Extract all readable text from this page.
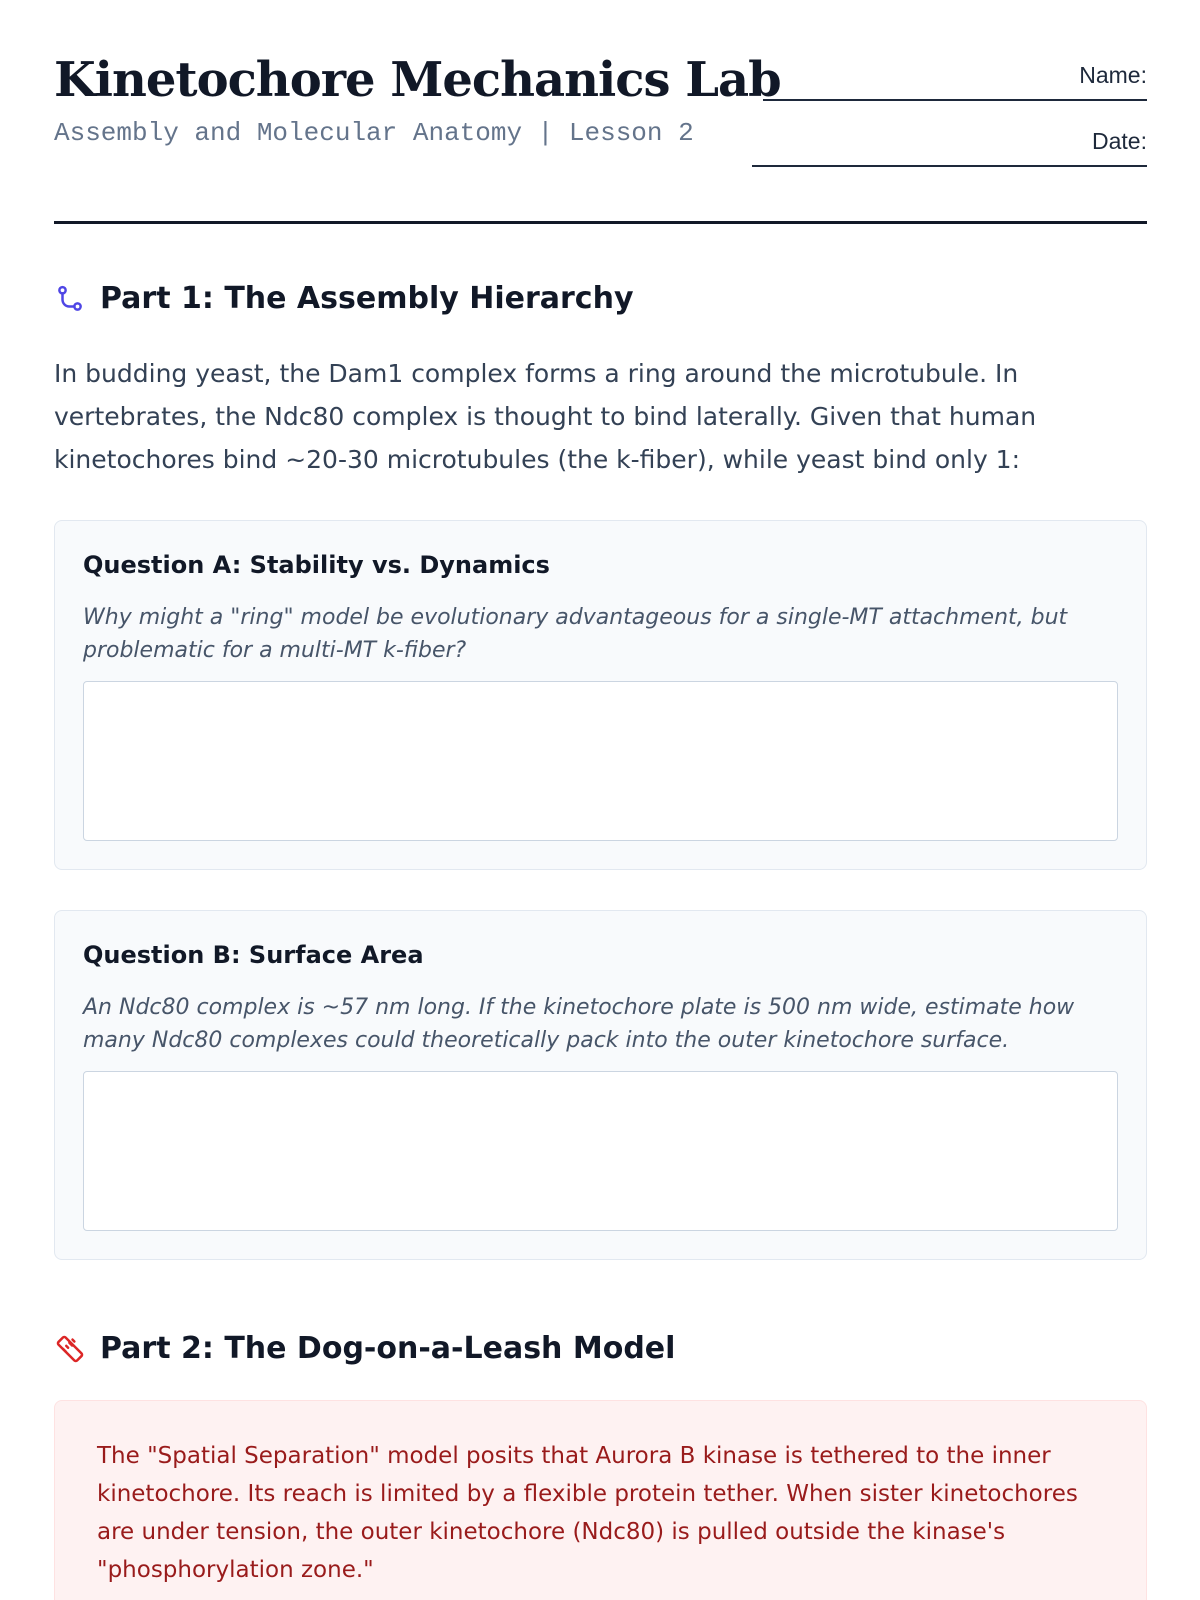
Kinetochore Mechanics Lab
Assembly and Molecular Anatomy | Lesson 2
Name:
Date:
Part 1: The Assembly Hierarchy

In budding yeast, the Dam1 complex forms a ring around the microtubule. In vertebrates, the Ndc80 complex is thought to bind laterally. Given that human kinetochores bind ~20-30 microtubules (the k-fiber), while yeast bind only 1:

Question A: Stability vs. Dynamics

Why might a "ring" model be evolutionary advantageous for a single-MT attachment, but problematic for a multi-MT k-fiber?

Question B: Surface Area

An Ndc80 complex is ~57 nm long. If the kinetochore plate is 500 nm wide, estimate how many Ndc80 complexes could theoretically pack into the outer kinetochore surface.

Part 2: The Dog-on-a-Leash Model

The "Spatial Separation" model posits that Aurora B kinase is tethered to the inner kinetochore. Its reach is limited by a flexible protein tether. When sister kinetochores are under tension, the outer kinetochore (Ndc80) is pulled outside the kinase's "phosphorylation zone."
